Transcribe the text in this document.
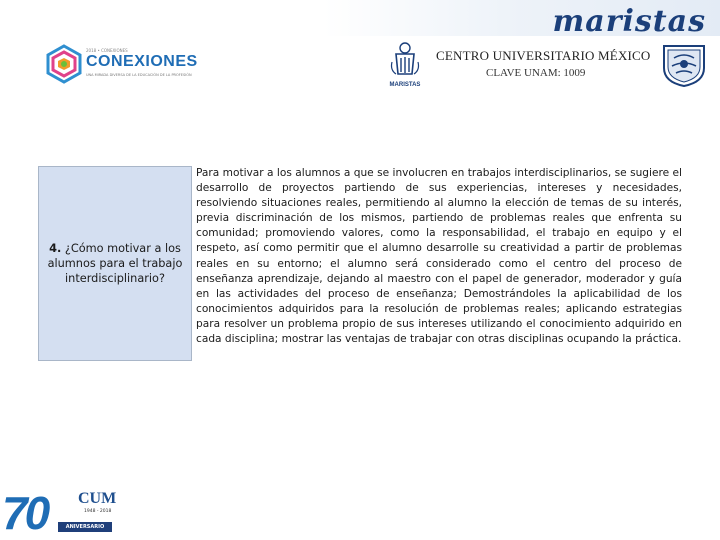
maristas
2018 • CONEXIONES
CONEXIONES
UNA MIRADA DIVERSA DE LA EDUCACIÓN DE LA PROFESIÓN
MARISTAS
CENTRO UNIVERSITARIO MÉXICO
CLAVE UNAM: 1009
4. ¿Cómo motivar a los alumnos para el trabajo interdisciplinario?

Para motivar a los alumnos a que se involucren en trabajos interdisciplinarios, se sugiere el desarrollo de proyectos partiendo de sus experiencias, intereses y necesidades, resolviendo situaciones reales, permitiendo al alumno la elección de temas de su interés, previa discriminación de los mismos, partiendo de problemas reales que enfrenta su comunidad; promoviendo valores, como la responsabilidad, el trabajo en equipo y el respeto, así como permitir que el alumno desarrolle su creatividad a partir de problemas reales en su entorno; el alumno será considerado como el centro del proceso de enseñanza aprendizaje, dejando al maestro con el papel de generador, moderador y guía en las actividades del proceso de enseñanza; Demostrándoles la aplicabilidad de los conocimientos adquiridos para la resolución de problemas reales; aplicando estrategias para resolver un problema propio de sus intereses utilizando el conocimiento adquirido en cada disciplina; mostrar las ventajas de trabajar con otras disciplinas ocupando la práctica.

70 CUM
1948 - 2018
ANIVERSARIO
